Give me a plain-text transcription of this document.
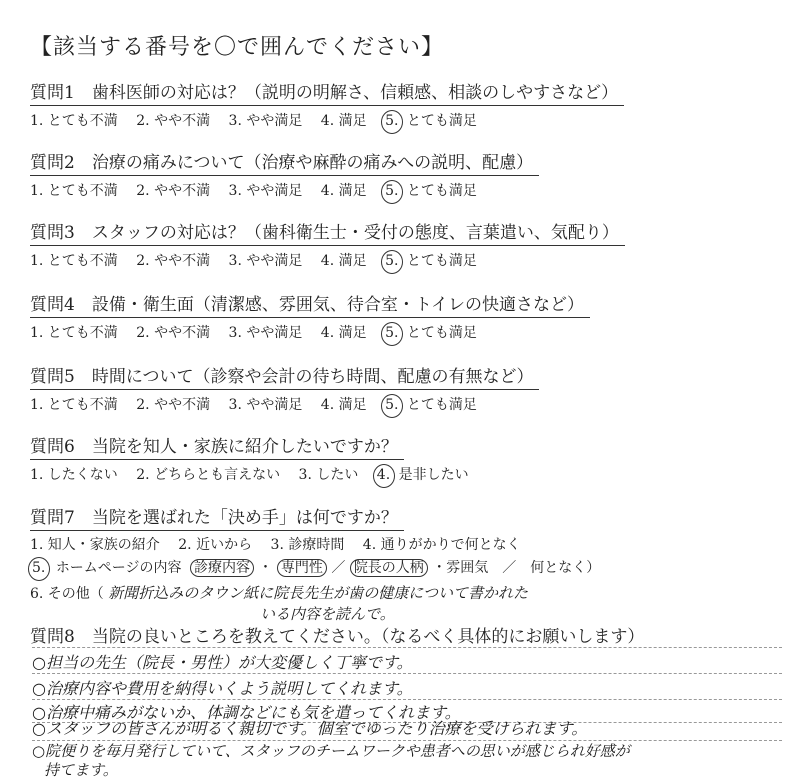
【該当する番号を〇で囲んでください】
質問1　歯科医師の対応は？（説明の明解さ、信頼感、相談のしやすさなど）
1. とても不満 2. やや不満 3. やや満足 4. 満足 5. とても満足
質問2　治療の痛みについて（治療や麻酔の痛みへの説明、配慮）
1. とても不満 2. やや不満 3. やや満足 4. 満足 5. とても満足
質問3　スタッフの対応は？（歯科衛生士・受付の態度、言葉遣い、気配り）
1. とても不満 2. やや不満 3. やや満足 4. 満足 5. とても満足
質問4　設備・衛生面（清潔感、雰囲気、待合室・トイレの快適さなど）
1. とても不満 2. やや不満 3. やや満足 4. 満足 5. とても満足
質問5　時間について（診察や会計の待ち時間、配慮の有無など）
1. とても不満 2. やや不満 3. やや満足 4. 満足 5. とても満足
質問6　当院を知人・家族に紹介したいですか？
1. したくない 2. どちらとも言えない 3. したい 4. 是非したい
質問7　当院を選ばれた「決め手」は何ですか？
1. 知人・家族の紹介 2. 近いから 3. 診療時間 4. 通りがかりで何となく
5. ホームページの内容 診療内容 ・ 専門性 ／ 院長の人柄 ・雰囲気　／　何となく）
6. その他（ 新聞折込みのタウン紙に院長先生が歯の健康について書かれた
いる内容を読んで。
質問8　当院の良いところを教えてください。（なるべく具体的にお願いします）
○担当の先生（院長・男性）が大変優しく丁寧です。
○治療内容や費用を納得いくよう説明してくれます。
○治療中痛みがないか、体調などにも気を遣ってくれます。
○スタッフの皆さんが明るく親切です。個室でゆったり治療を受けられます。
○院便りを毎月発行していて、スタッフのチームワークや患者への思いが感じられ好感が
持てます。
